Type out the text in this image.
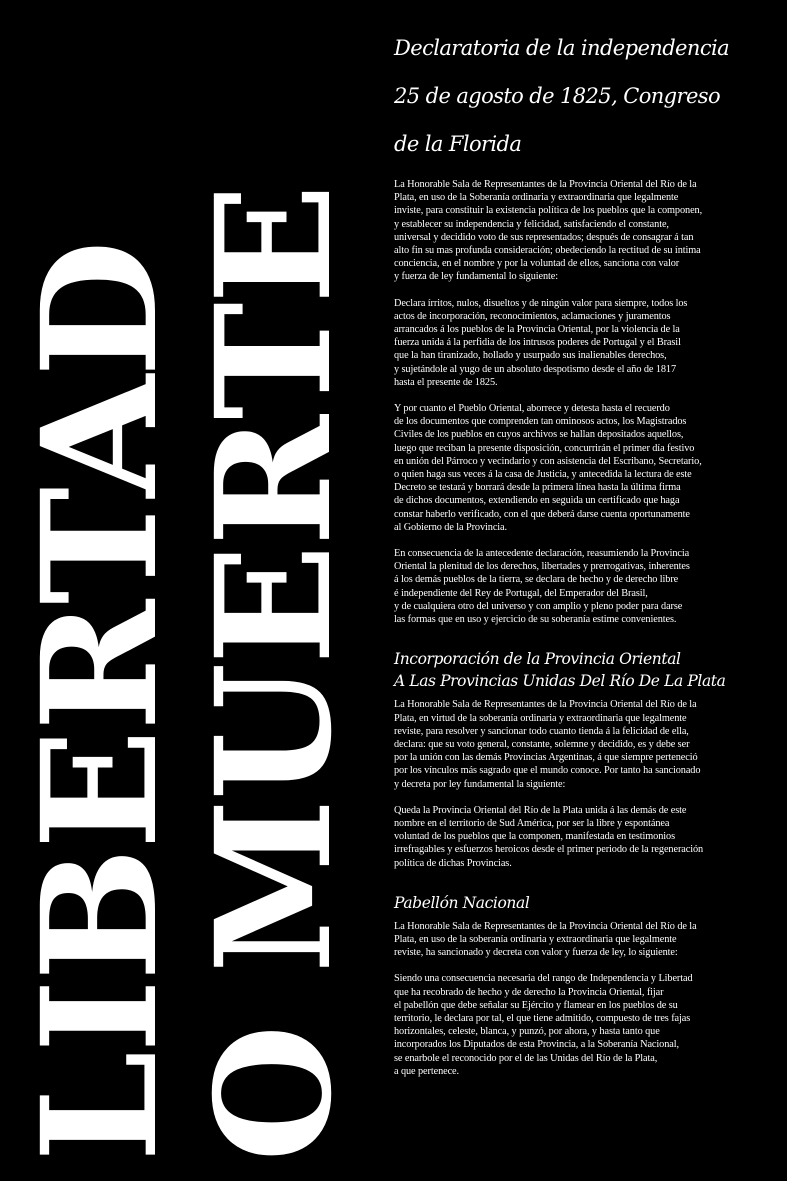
LIBERTAD
O MUERTE
Declaratoria de la independencia
25 de agosto de 1825, Congreso
de la Florida

La Honorable Sala de Representantes de la Provincia Oriental del Río de la
Plata, en uso de la Soberanía ordinaria y extraordinaria que legalmente
inviste, para constituir la existencia política de los pueblos que la componen,
y establecer su independencia y felicidad, satisfaciendo el constante,
universal y decidido voto de sus representados; después de consagrar á tan
alto fin su mas profunda consideración; obedeciendo la rectitud de su íntima
conciencia, en el nombre y por la voluntad de ellos, sanciona con valor
y fuerza de ley fundamental lo siguiente:

Declara írritos, nulos, disueltos y de ningún valor para siempre, todos los
actos de incorporación, reconocimientos, aclamaciones y juramentos
arrancados á los pueblos de la Provincia Oriental, por la violencia de la
fuerza unida á la perfidia de los intrusos poderes de Portugal y el Brasil
que la han tiranizado, hollado y usurpado sus inalienables derechos,
y sujetándole al yugo de un absoluto despotismo desde el año de 1817
hasta el presente de 1825.

Y por cuanto el Pueblo Oriental, aborrece y detesta hasta el recuerdo
de los documentos que comprenden tan ominosos actos, los Magistrados
Civiles de los pueblos en cuyos archivos se hallan depositados aquellos,
luego que reciban la presente disposición, concurrirán el primer día festivo
en unión del Párroco y vecindario y con asistencia del Escribano, Secretario,
o quien haga sus veces á la casa de Justicia, y antecedida la lectura de este
Decreto se testará y borrará desde la primera línea hasta la última firma
de dichos documentos, extendiendo en seguida un certificado que haga
constar haberlo verificado, con el que deberá darse cuenta oportunamente
al Gobierno de la Provincia.

En consecuencia de la antecedente declaración, reasumiendo la Provincia
Oriental la plenitud de los derechos, libertades y prerrogativas, inherentes
á los demás pueblos de la tierra, se declara de hecho y de derecho libre
é independiente del Rey de Portugal, del Emperador del Brasil,
y de cualquiera otro del universo y con amplio y pleno poder para darse
las formas que en uso y ejercicio de su soberanía estime convenientes.

Incorporación de la Provincia Oriental
A Las Provincias Unidas Del Río De La Plata

La Honorable Sala de Representantes de la Provincia Oriental del Río de la
Plata, en virtud de la soberanía ordinaria y extraordinaria que legalmente
reviste, para resolver y sancionar todo cuanto tienda á la felicidad de ella,
declara: que su voto general, constante, solemne y decidido, es y debe ser
por la unión con las demás Provincias Argentinas, á que siempre perteneció
por los vínculos más sagrado que el mundo conoce. Por tanto ha sancionado
y decreta por ley fundamental la siguiente:

Queda la Provincia Oriental del Río de la Plata unida á las demás de este
nombre en el territorio de Sud América, por ser la libre y espontánea
voluntad de los pueblos que la componen, manifestada en testimonios
irrefragables y esfuerzos heroicos desde el primer periodo de la regeneración
política de dichas Provincias.

Pabellón Nacional

La Honorable Sala de Representantes de la Provincia Oriental del Río de la
Plata, en uso de la soberanía ordinaria y extraordinaria que legalmente
reviste, ha sancionado y decreta con valor y fuerza de ley, lo siguiente:

Siendo una consecuencia necesaria del rango de Independencia y Libertad
que ha recobrado de hecho y de derecho la Provincia Oriental, fijar
el pabellón que debe señalar su Ejército y flamear en los pueblos de su
territorio, le declara por tal, el que tiene admitido, compuesto de tres fajas
horizontales, celeste, blanca, y punzó, por ahora, y hasta tanto que
incorporados los Diputados de esta Provincia, a la Soberanía Nacional,
se enarbole el reconocido por el de las Unidas del Río de la Plata,
a que pertenece.
